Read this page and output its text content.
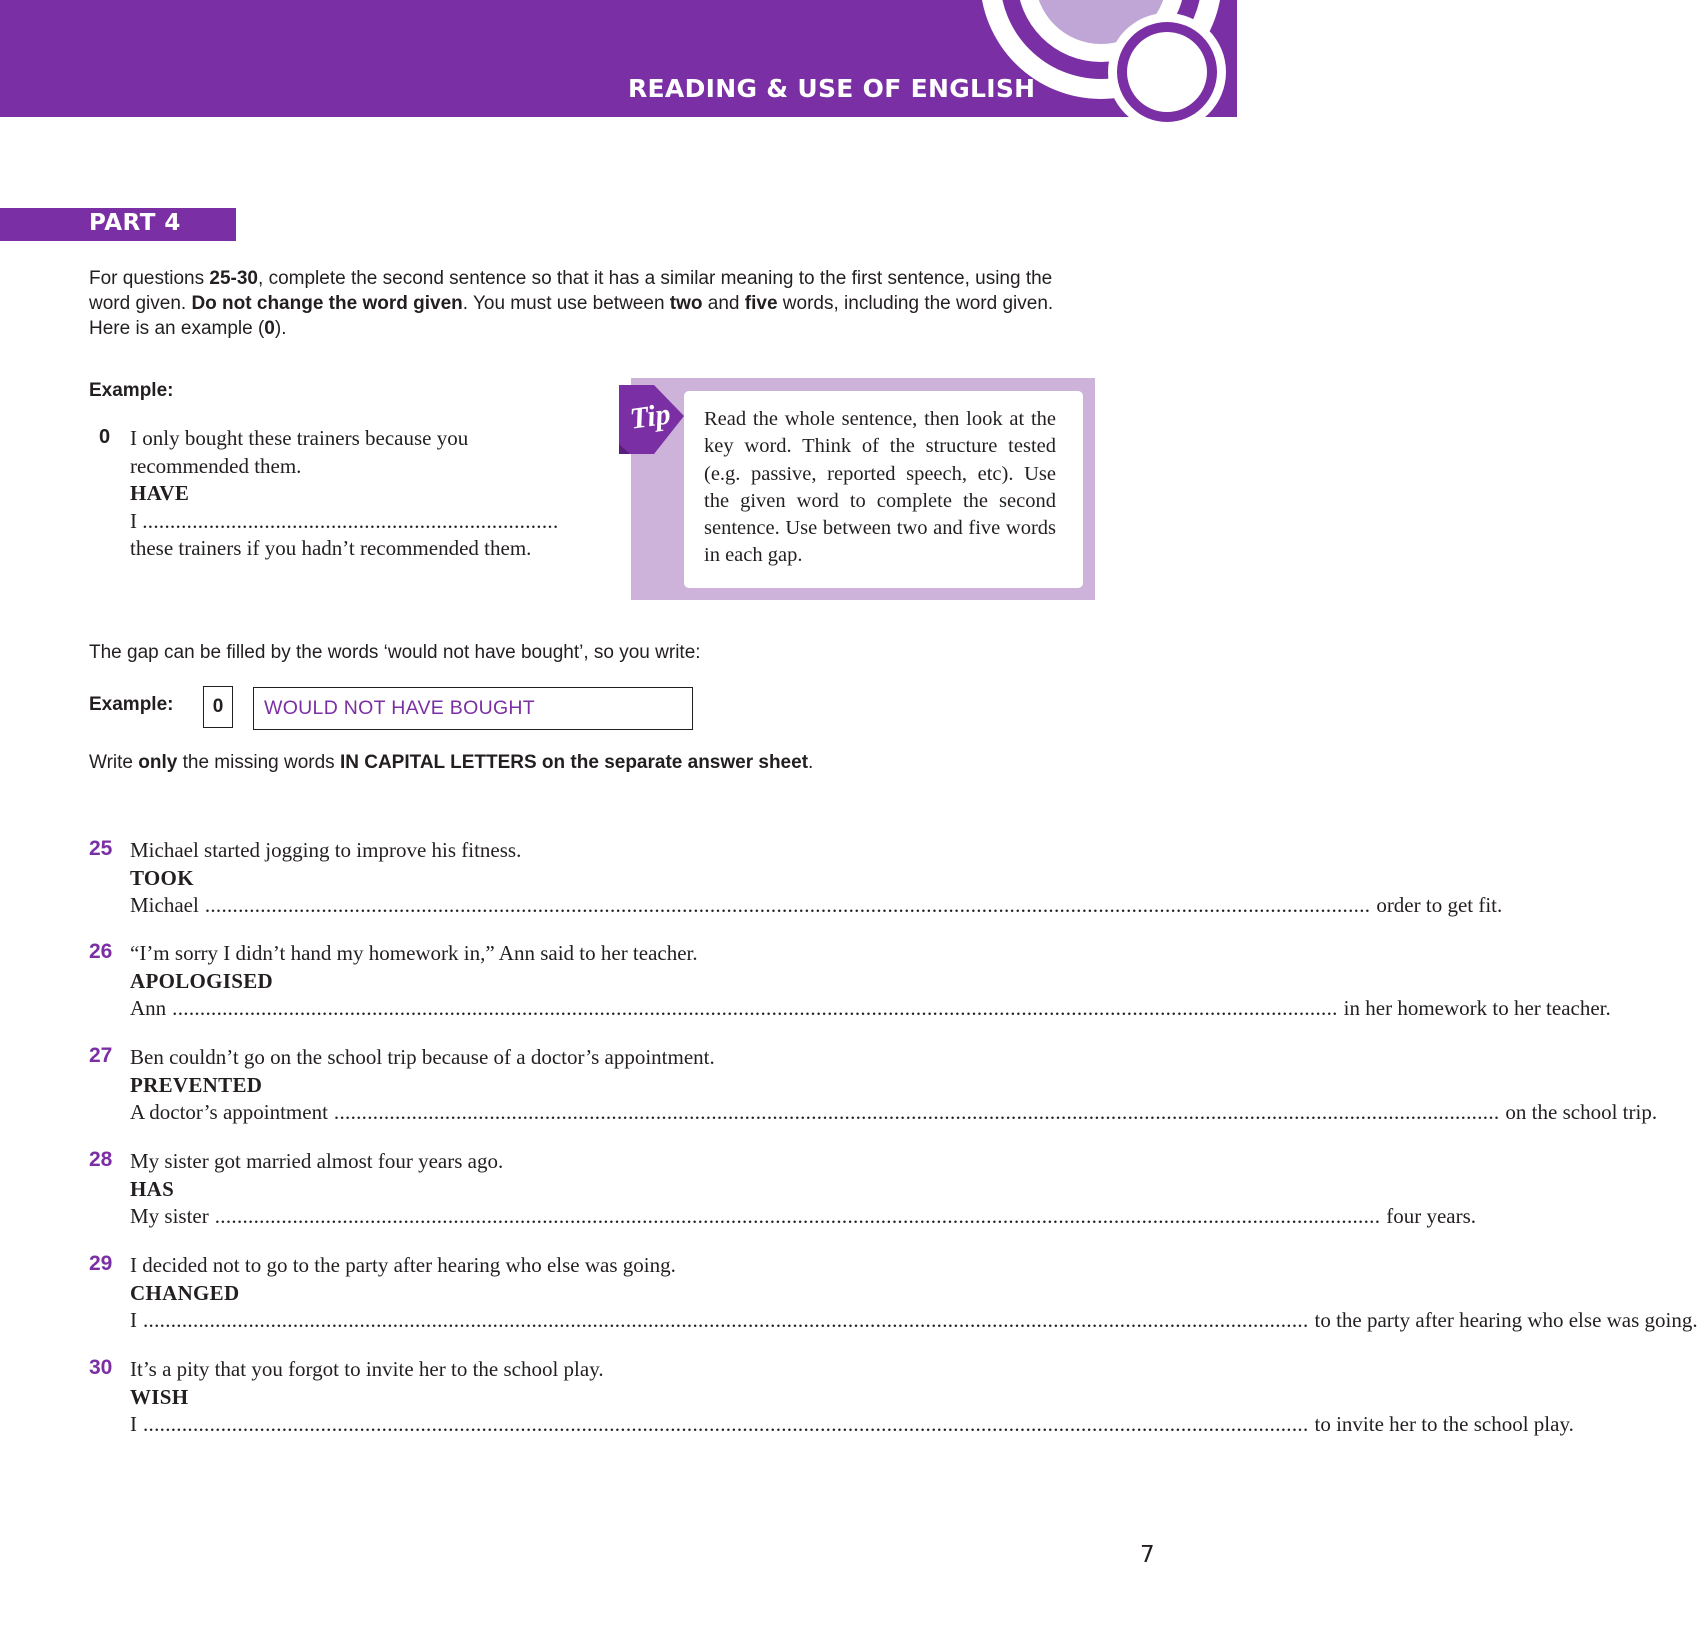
READING & USE OF ENGLISH
PART 4
For questions 25-30, complete the second sentence so that it has a similar meaning to the first sentence, using the word given. Do not change the word given. You must use between two and five words, including the word given. Here is an example (0).
Example:
0 I only bought these trainers because you
recommended them.
HAVE
I ...........................................................................
these trainers if you hadn’t recommended them.
Tip Read the whole sentence, then look at the key word. Think of the structure tested (e.g. passive, reported speech, etc). Use the given word to complete the second sentence. Use between two and five words in each gap.
The gap can be filled by the words ‘would not have bought’, so you write:
Example:	0	WOULD NOT HAVE BOUGHT
Write only the missing words IN CAPITAL LETTERS on the separate answer sheet.
25 Michael started jogging to improve his fitness.
TOOK
Michael .................................................................................................................................................................................................................. order to get fit.
26 “I’m sorry I didn’t hand my homework in,” Ann said to her teacher.
APOLOGISED
Ann .................................................................................................................................................................................................................. in her homework to her teacher.
27 Ben couldn’t go on the school trip because of a doctor’s appointment.
PREVENTED
A doctor’s appointment .................................................................................................................................................................................................................. on the school trip.
28 My sister got married almost four years ago.
HAS
My sister .................................................................................................................................................................................................................. four years.
29 I decided not to go to the party after hearing who else was going.
CHANGED
I .................................................................................................................................................................................................................. to the party after hearing who else was going.
30 It’s a pity that you forgot to invite her to the school play.
WISH
I .................................................................................................................................................................................................................. to invite her to the school play.
7
